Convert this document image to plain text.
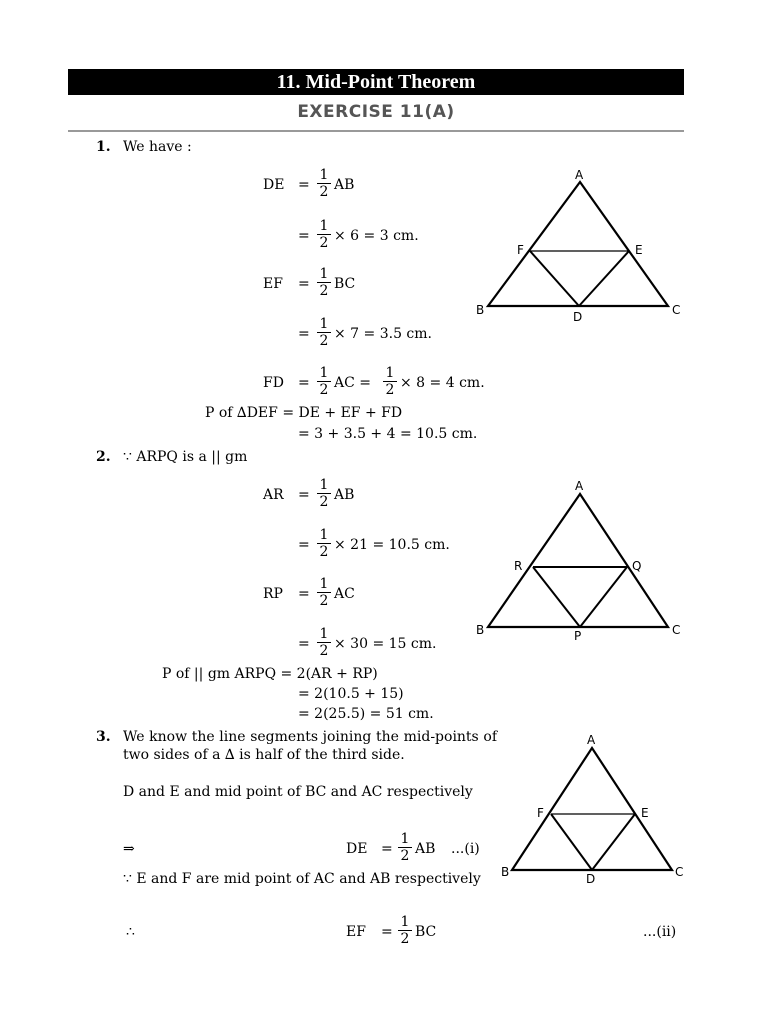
11. Mid-Point Theorem
EXERCISE 11(A)
1. We have :
DE = $\frac{1}{2}$ AB
= $\frac{1}{2} \times 6 = 3$ cm.
EF = $\frac{1}{2}$ BC
= $\frac{1}{2} \times 7 = 3.5$ cm.
FD = $\frac{1}{2}$ AC = $\frac{1}{2} \times 8 = 4$ cm.
P of ∆DEF = DE + EF + FD
= 3 + 3.5 + 4 = 10.5 cm.
A
B	C
D
E
F
2. ∵ ARPQ is a || gm
AR = $\frac{1}{2}$ AB
= $\frac{1}{2} \times 21 = 10.5$ cm.
RP = $\frac{1}{2}$ AC
= $\frac{1}{2} \times 30 = 15$ cm.
P of || gm ARPQ = 2(AR + RP)
= 2(10.5 + 15)
= 2(25.5) = 51 cm.
A
B	C
P
Q
R
3. We know the line segments joining the mid-points of two sides of a ∆ is half of the third side.
D and E and mid point of BC and AC respectively
⇒	DE = $\frac{1}{2}$ AB ...(i)
∵ E and F are mid point of AC and AB respectively
∴	EF = $\frac{1}{2}$ BC	...(ii)
A
B	C
D
E
F
